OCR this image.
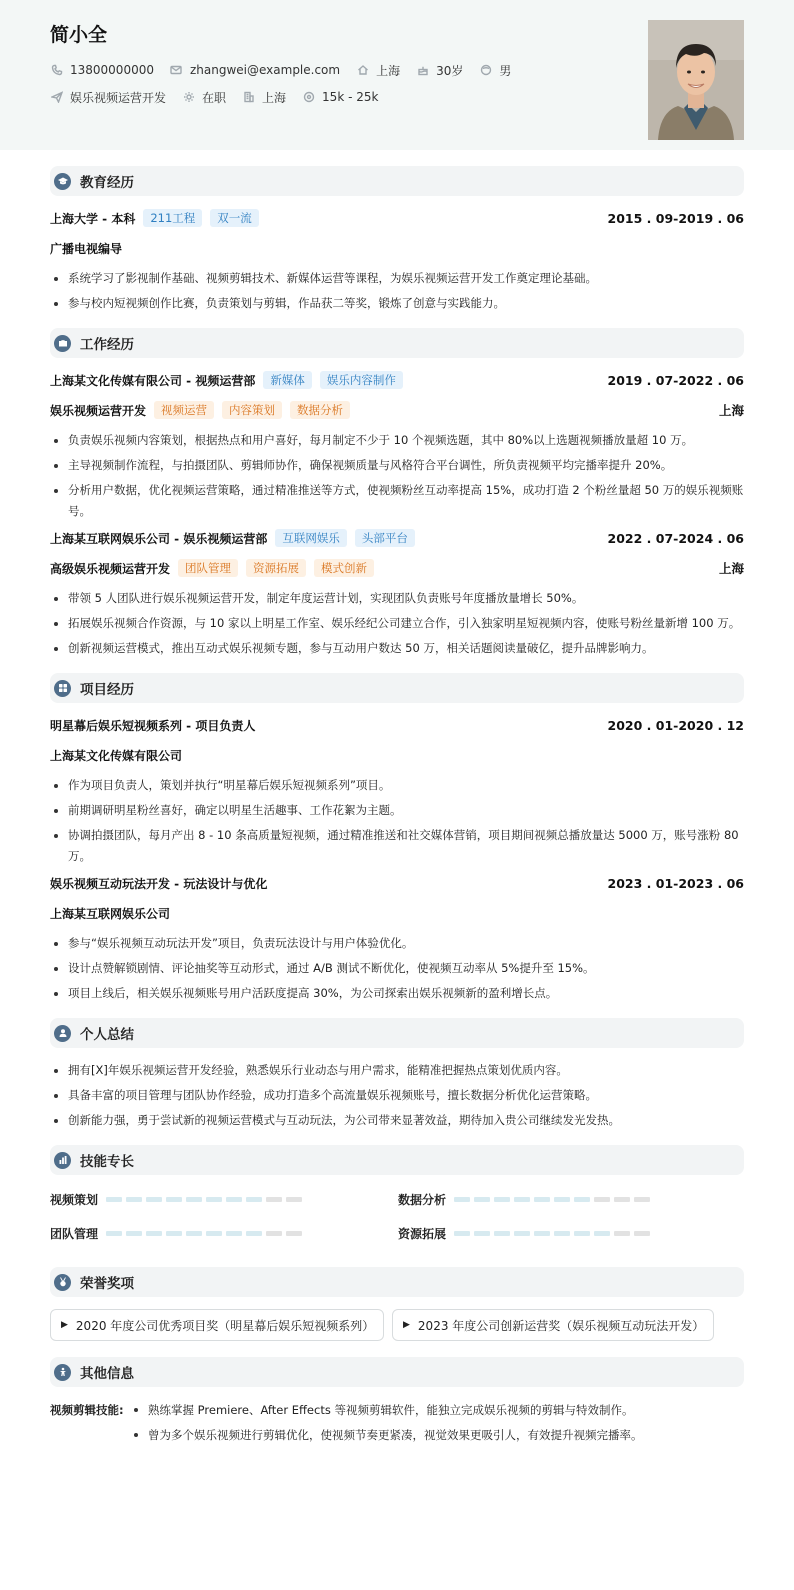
简小全
13800000000	zhangwei@example.com	上海	30岁	男
娱乐视频运营开发	在职	上海	15k - 25k
教育经历
上海大学 - 本科	211工程	双一流	2015 . 09-2019 . 06
广播电视编导
系统学习了影视制作基础、视频剪辑技术、新媒体运营等课程，为娱乐视频运营开发工作奠定理论基础。
参与校内短视频创作比赛，负责策划与剪辑，作品获二等奖，锻炼了创意与实践能力。
工作经历
上海某文化传媒有限公司 - 视频运营部	新媒体	娱乐内容制作	2019 . 07-2022 . 06
娱乐视频运营开发	视频运营	内容策划	数据分析	上海
负责娱乐视频内容策划，根据热点和用户喜好，每月制定不少于 10 个视频选题，其中 80%以上选题视频播放量超 10 万。
主导视频制作流程，与拍摄团队、剪辑师协作，确保视频质量与风格符合平台调性，所负责视频平均完播率提升 20%。
分析用户数据，优化视频运营策略，通过精准推送等方式，使视频粉丝互动率提高 15%，成功打造 2 个粉丝量超 50 万的娱乐视频账号。
上海某互联网娱乐公司 - 娱乐视频运营部	互联网娱乐	头部平台	2022 . 07-2024 . 06
高级娱乐视频运营开发	团队管理	资源拓展	模式创新	上海
带领 5 人团队进行娱乐视频运营开发，制定年度运营计划，实现团队负责账号年度播放量增长 50%。
拓展娱乐视频合作资源，与 10 家以上明星工作室、娱乐经纪公司建立合作，引入独家明星短视频内容，使账号粉丝量新增 100 万。
创新视频运营模式，推出互动式娱乐视频专题，参与互动用户数达 50 万，相关话题阅读量破亿，提升品牌影响力。
项目经历
明星幕后娱乐短视频系列 - 项目负责人	2020 . 01-2020 . 12
上海某文化传媒有限公司
作为项目负责人，策划并执行“明星幕后娱乐短视频系列”项目。
前期调研明星粉丝喜好，确定以明星生活趣事、工作花絮为主题。
协调拍摄团队，每月产出 8 - 10 条高质量短视频，通过精准推送和社交媒体营销，项目期间视频总播放量达 5000 万，账号涨粉 80 万。
娱乐视频互动玩法开发 - 玩法设计与优化	2023 . 01-2023 . 06
上海某互联网娱乐公司
参与“娱乐视频互动玩法开发”项目，负责玩法设计与用户体验优化。
设计点赞解锁剧情、评论抽奖等互动形式，通过 A/B 测试不断优化，使视频互动率从 5%提升至 15%。
项目上线后，相关娱乐视频账号用户活跃度提高 30%，为公司探索出娱乐视频新的盈利增长点。
个人总结
拥有[X]年娱乐视频运营开发经验，熟悉娱乐行业动态与用户需求，能精准把握热点策划优质内容。
具备丰富的项目管理与团队协作经验，成功打造多个高流量娱乐视频账号，擅长数据分析优化运营策略。
创新能力强，勇于尝试新的视频运营模式与互动玩法，为公司带来显著效益，期待加入贵公司继续发光发热。
技能专长
视频策划	数据分析
团队管理	资源拓展
荣誉奖项
▶ 2020 年度公司优秀项目奖（明星幕后娱乐短视频系列）	▶ 2023 年度公司创新运营奖（娱乐视频互动玩法开发）
其他信息
视频剪辑技能:	熟练掌握 Premiere、After Effects 等视频剪辑软件，能独立完成娱乐视频的剪辑与特效制作。
曾为多个娱乐视频进行剪辑优化，使视频节奏更紧凑，视觉效果更吸引人，有效提升视频完播率。
